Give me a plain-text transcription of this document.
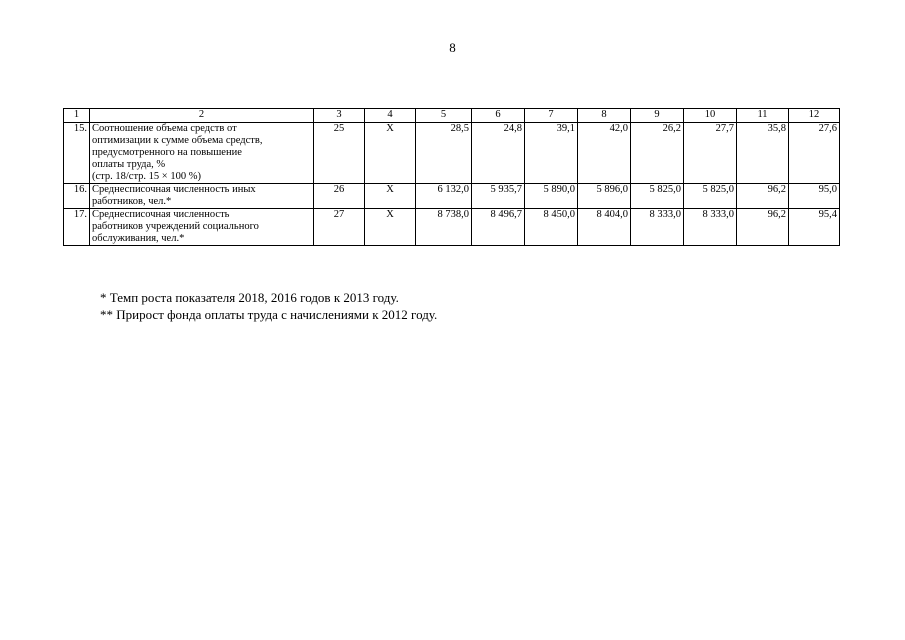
8
1	2	3	4	5	6	7	8	9	10	11	12
15.	Соотношение объема средств от
оптимизации к сумме объема средств,
предусмотренного на повышение
оплаты труда, %
(стр. 18/стр. 15 × 100 %)	25	Х	28,5	24,8	39,1	42,0	26,2	27,7	35,8	27,6
16.	Среднесписочная численность иных
работников, чел.*	26	Х	6 132,0	5 935,7	5 890,0	5 896,0	5 825,0	5 825,0	96,2	95,0
17.	Среднесписочная численность
работников учреждений социального
обслуживания, чел.*	27	Х	8 738,0	8 496,7	8 450,0	8 404,0	8 333,0	8 333,0	96,2	95,4
* Темп роста показателя 2018, 2016 годов к 2013 году.
** Прирост фонда оплаты труда с начислениями к 2012 году.
